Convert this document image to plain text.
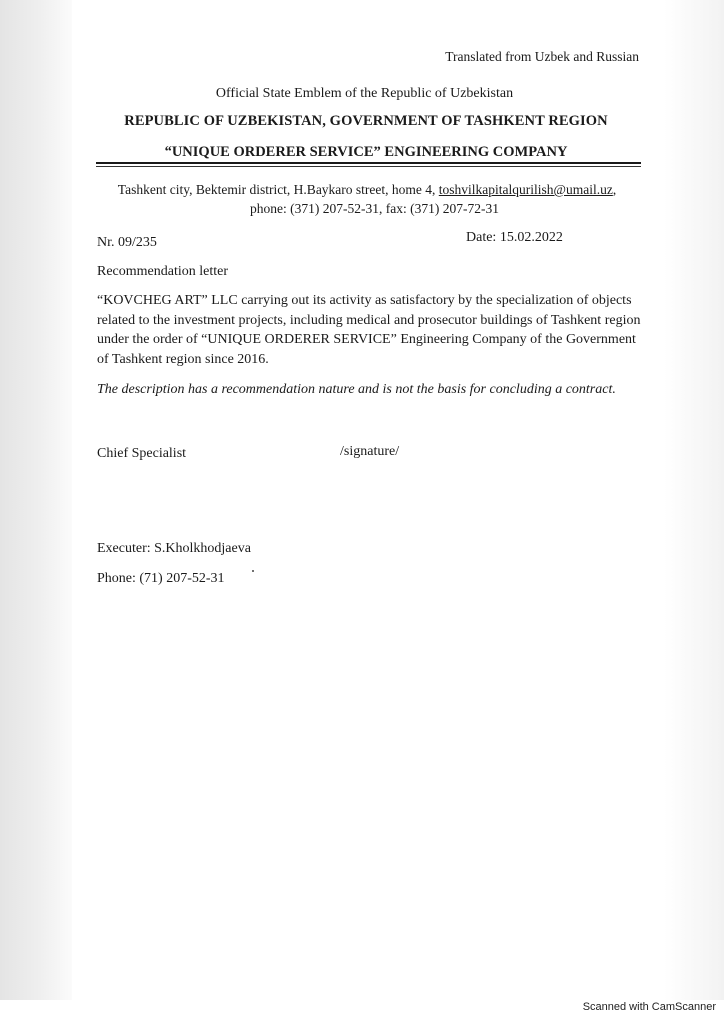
Translated from Uzbek and Russian
Official State Emblem of the Republic of Uzbekistan
REPUBLIC OF UZBEKISTAN, GOVERNMENT OF TASHKENT REGION
“UNIQUE ORDERER SERVICE” ENGINEERING COMPANY
Tashkent city, Bektemir district, H.Baykaro street, home 4, toshvilkapitalqurilish@umail.uz,
phone: (371) 207-52-31, fax: (371) 207-72-31
Nr. 09/235	Date: 15.02.2022
Recommendation letter
“KOVCHEG ART” LLC carrying out its activity as satisfactory by the specialization of objects
related to the investment projects, including medical and prosecutor buildings of Tashkent region
under the order of “UNIQUE ORDERER SERVICE” Engineering Company of the Government
of Tashkent region since 2016.
The description has a recommendation nature and is not the basis for concluding a contract.
Chief Specialist	/signature/
Executer: S.Kholkhodjaeva
Phone: (71) 207-52-31
Scanned with CamScanner
